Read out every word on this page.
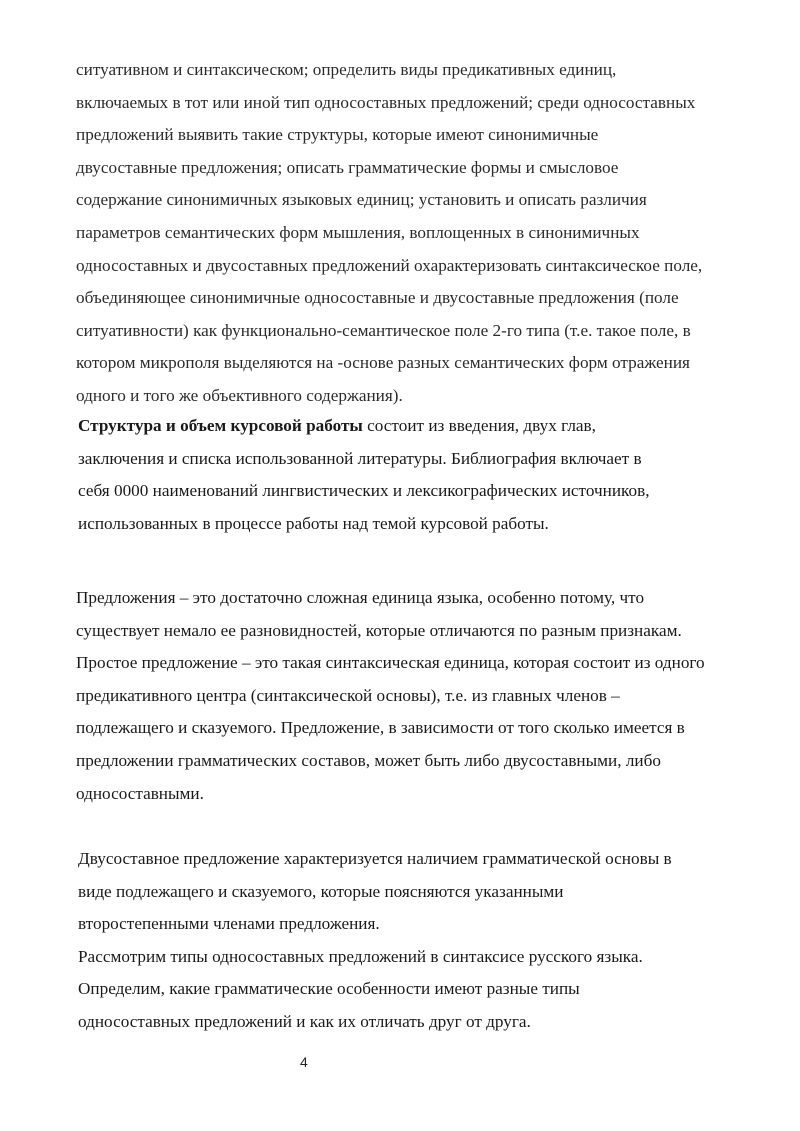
ситуативном и синтаксическом; определить виды предикативных единиц,
включаемых в тот или иной тип односоставных предложений; среди односоставных
предложений выявить такие структуры, которые имеют синонимичные
двусоставные предложения; описать грамматические формы и смысловое
содержание синонимичных языковых единиц; установить и описать различия
параметров семантических форм мышления, воплощенных в синонимичных
односоставных и двусоставных предложений охарактеризовать синтаксическое поле,
объединяющее синонимичные односоставные и двусоставные предложения (поле
ситуативности) как функционально-семантическое поле 2-го типа (т.е. такое поле, в
котором микрополя выделяются на -основе разных семантических форм отражения
одного и того же объективного содержания).
Структура и объем курсовой работы состоит из введения, двух глав,
заключения и списка использованной литературы. Библиография включает в
себя 0000 наименований лингвистических и лексикографических источников,
использованных в процессе работы над темой курсовой работы.
Предложения – это достаточно сложная единица языка, особенно потому, что
существует немало ее разновидностей, которые отличаются по разным признакам.
Простое предложение – это такая синтаксическая единица, которая состоит из одного
предикативного центра (синтаксической основы), т.е. из главных членов –
подлежащего и сказуемого. Предложение, в зависимости от того сколько имеется в
предложении грамматических составов, может быть либо двусоставными, либо
односоставными.
Двусоставное предложение характеризуется наличием грамматической основы в
виде подлежащего и сказуемого, которые поясняются указанными
второстепенными членами предложения.
Рассмотрим типы односоставных предложений в синтаксисе русского языка.
Определим, какие грамматические особенности имеют разные типы
односоставных предложений и как их отличать друг от друга.
4
